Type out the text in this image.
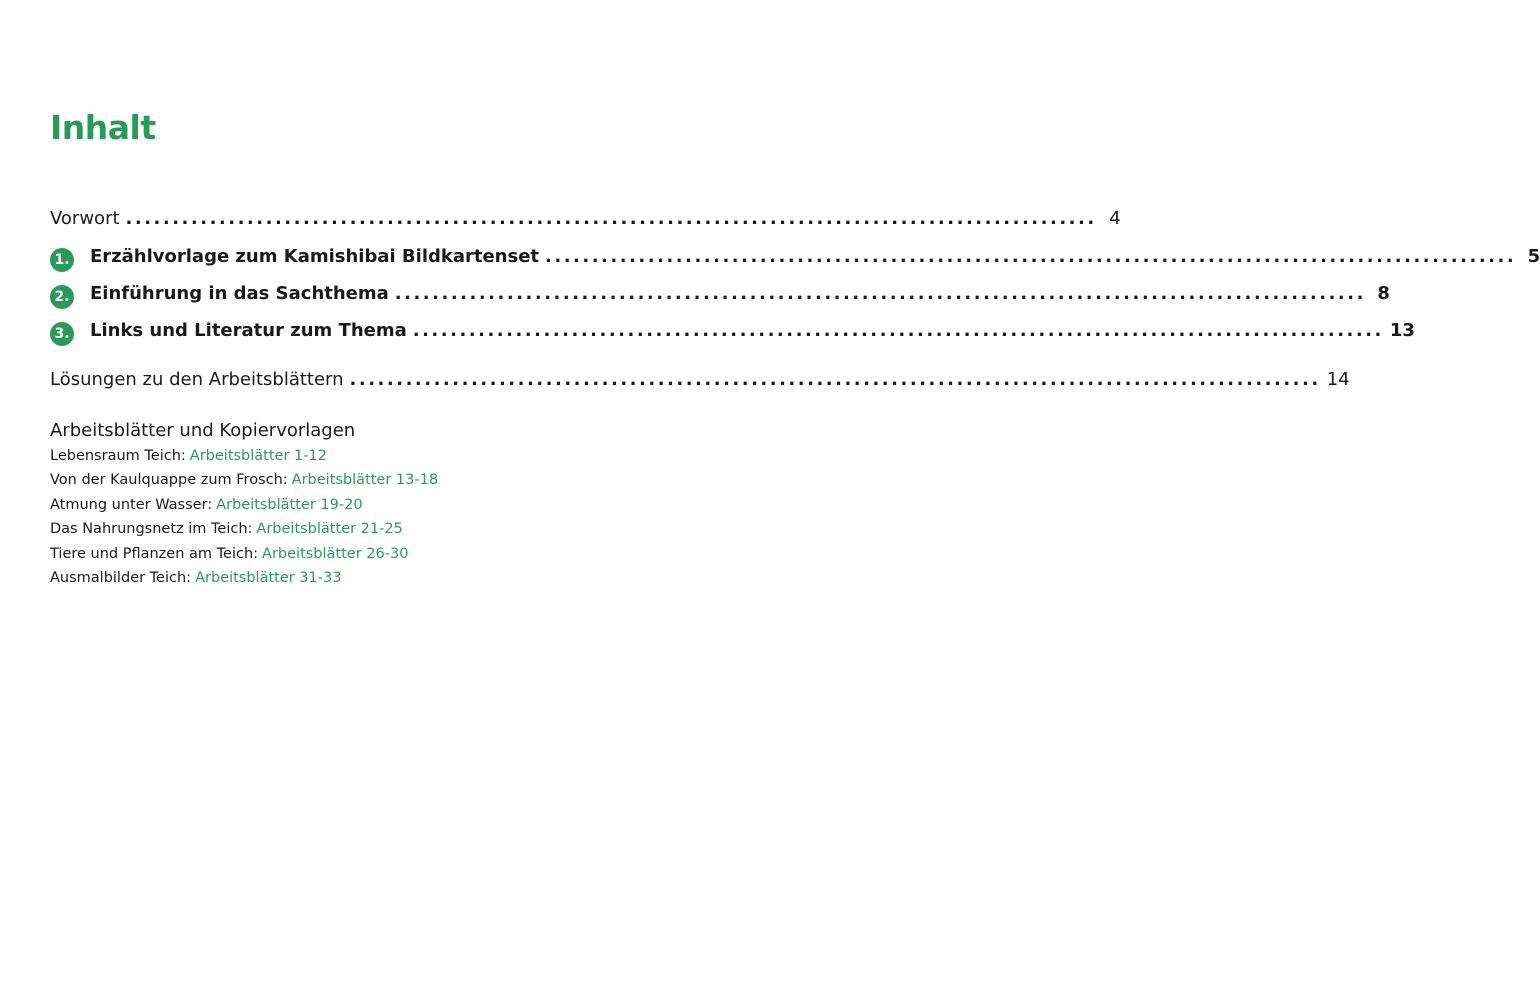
Inhalt
Vorwort ........................................................................................................ 4
1. Erzählvorlage zum Kamishibai Bildkartenset ........................................................................................................ 5
2. Einführung in das Sachthema ........................................................................................................ 8
3. Links und Literatur zum Thema ........................................................................................................ 13
Lösungen zu den Arbeitsblättern ........................................................................................................ 14
Arbeitsblätter und Kopiervorlagen
Lebensraum Teich: Arbeitsblätter 1-12
Von der Kaulquappe zum Frosch: Arbeitsblätter 13-18
Atmung unter Wasser: Arbeitsblätter 19-20
Das Nahrungsnetz im Teich: Arbeitsblätter 21-25
Tiere und Pflanzen am Teich: Arbeitsblätter 26-30
Ausmalbilder Teich: Arbeitsblätter 31-33
